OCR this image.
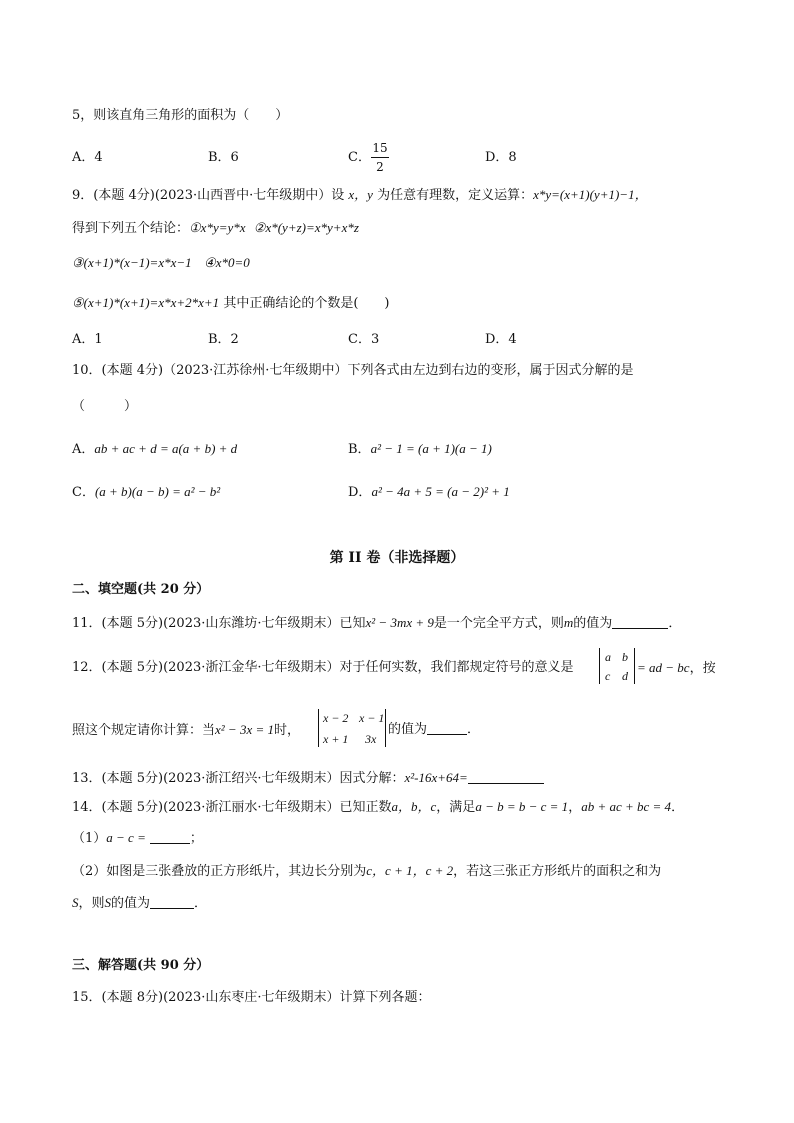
5，则该直角三角形的面积为（　　）
A．4	B．6	C．
15
2
D．8
9．(本题 4分)(2023·山西晋中·七年级期中）设 x，y 为任意有理数，定义运算：x*y=(x+1)(y+1)−1，
得到下列五个结论：①x*y=y*x ②x*(y+z)=x*y+x*z
③(x+1)*(x−1)=x*x−1 ④x*0=0
⑤(x+1)*(x+1)=x*x+2*x+1 其中正确结论的个数是(　　)
A．1	B．2	C．3	D．4
10．(本题 4分)（2023·江苏徐州·七年级期中）下列各式由左边到右边的变形，属于因式分解的是
（　　　）
A．ab + ac + d = a(a + b) + d	B．a² − 1 = (a + 1)(a − 1)
C．(a + b)(a − b) = a² − b²	D．a² − 4a + 5 = (a − 2)² + 1
第 II 卷（非选择题）
二、填空题(共 20 分）
11．(本题 5分)(2023·山东潍坊·七年级期末）已知x² − 3mx + 9是一个完全平方式，则m的值为	．
12．(本题 5分)(2023·浙江金华·七年级期末）对于任何实数，我们都规定符号的意义是
a b
c d
= ad − bc，按
照这个规定请你计算：当x² − 3x = 1时，
x − 2 x − 1
x + 1 3x
的值为	．
13．(本题 5分)(2023·浙江绍兴·七年级期末）因式分解：x²-16x+64=
14．(本题 5分)(2023·浙江丽水·七年级期末）已知正数a，b，c，满足a − b = b − c = 1，ab + ac + bc = 4．
（1）a − c =	；
（2）如图是三张叠放的正方形纸片，其边长分别为c，c + 1，c + 2，若这三张正方形纸片的面积之和为
S，则S的值为	．
三、解答题(共 90 分）
15．(本题 8分)(2023·山东枣庄·七年级期末）计算下列各题：
